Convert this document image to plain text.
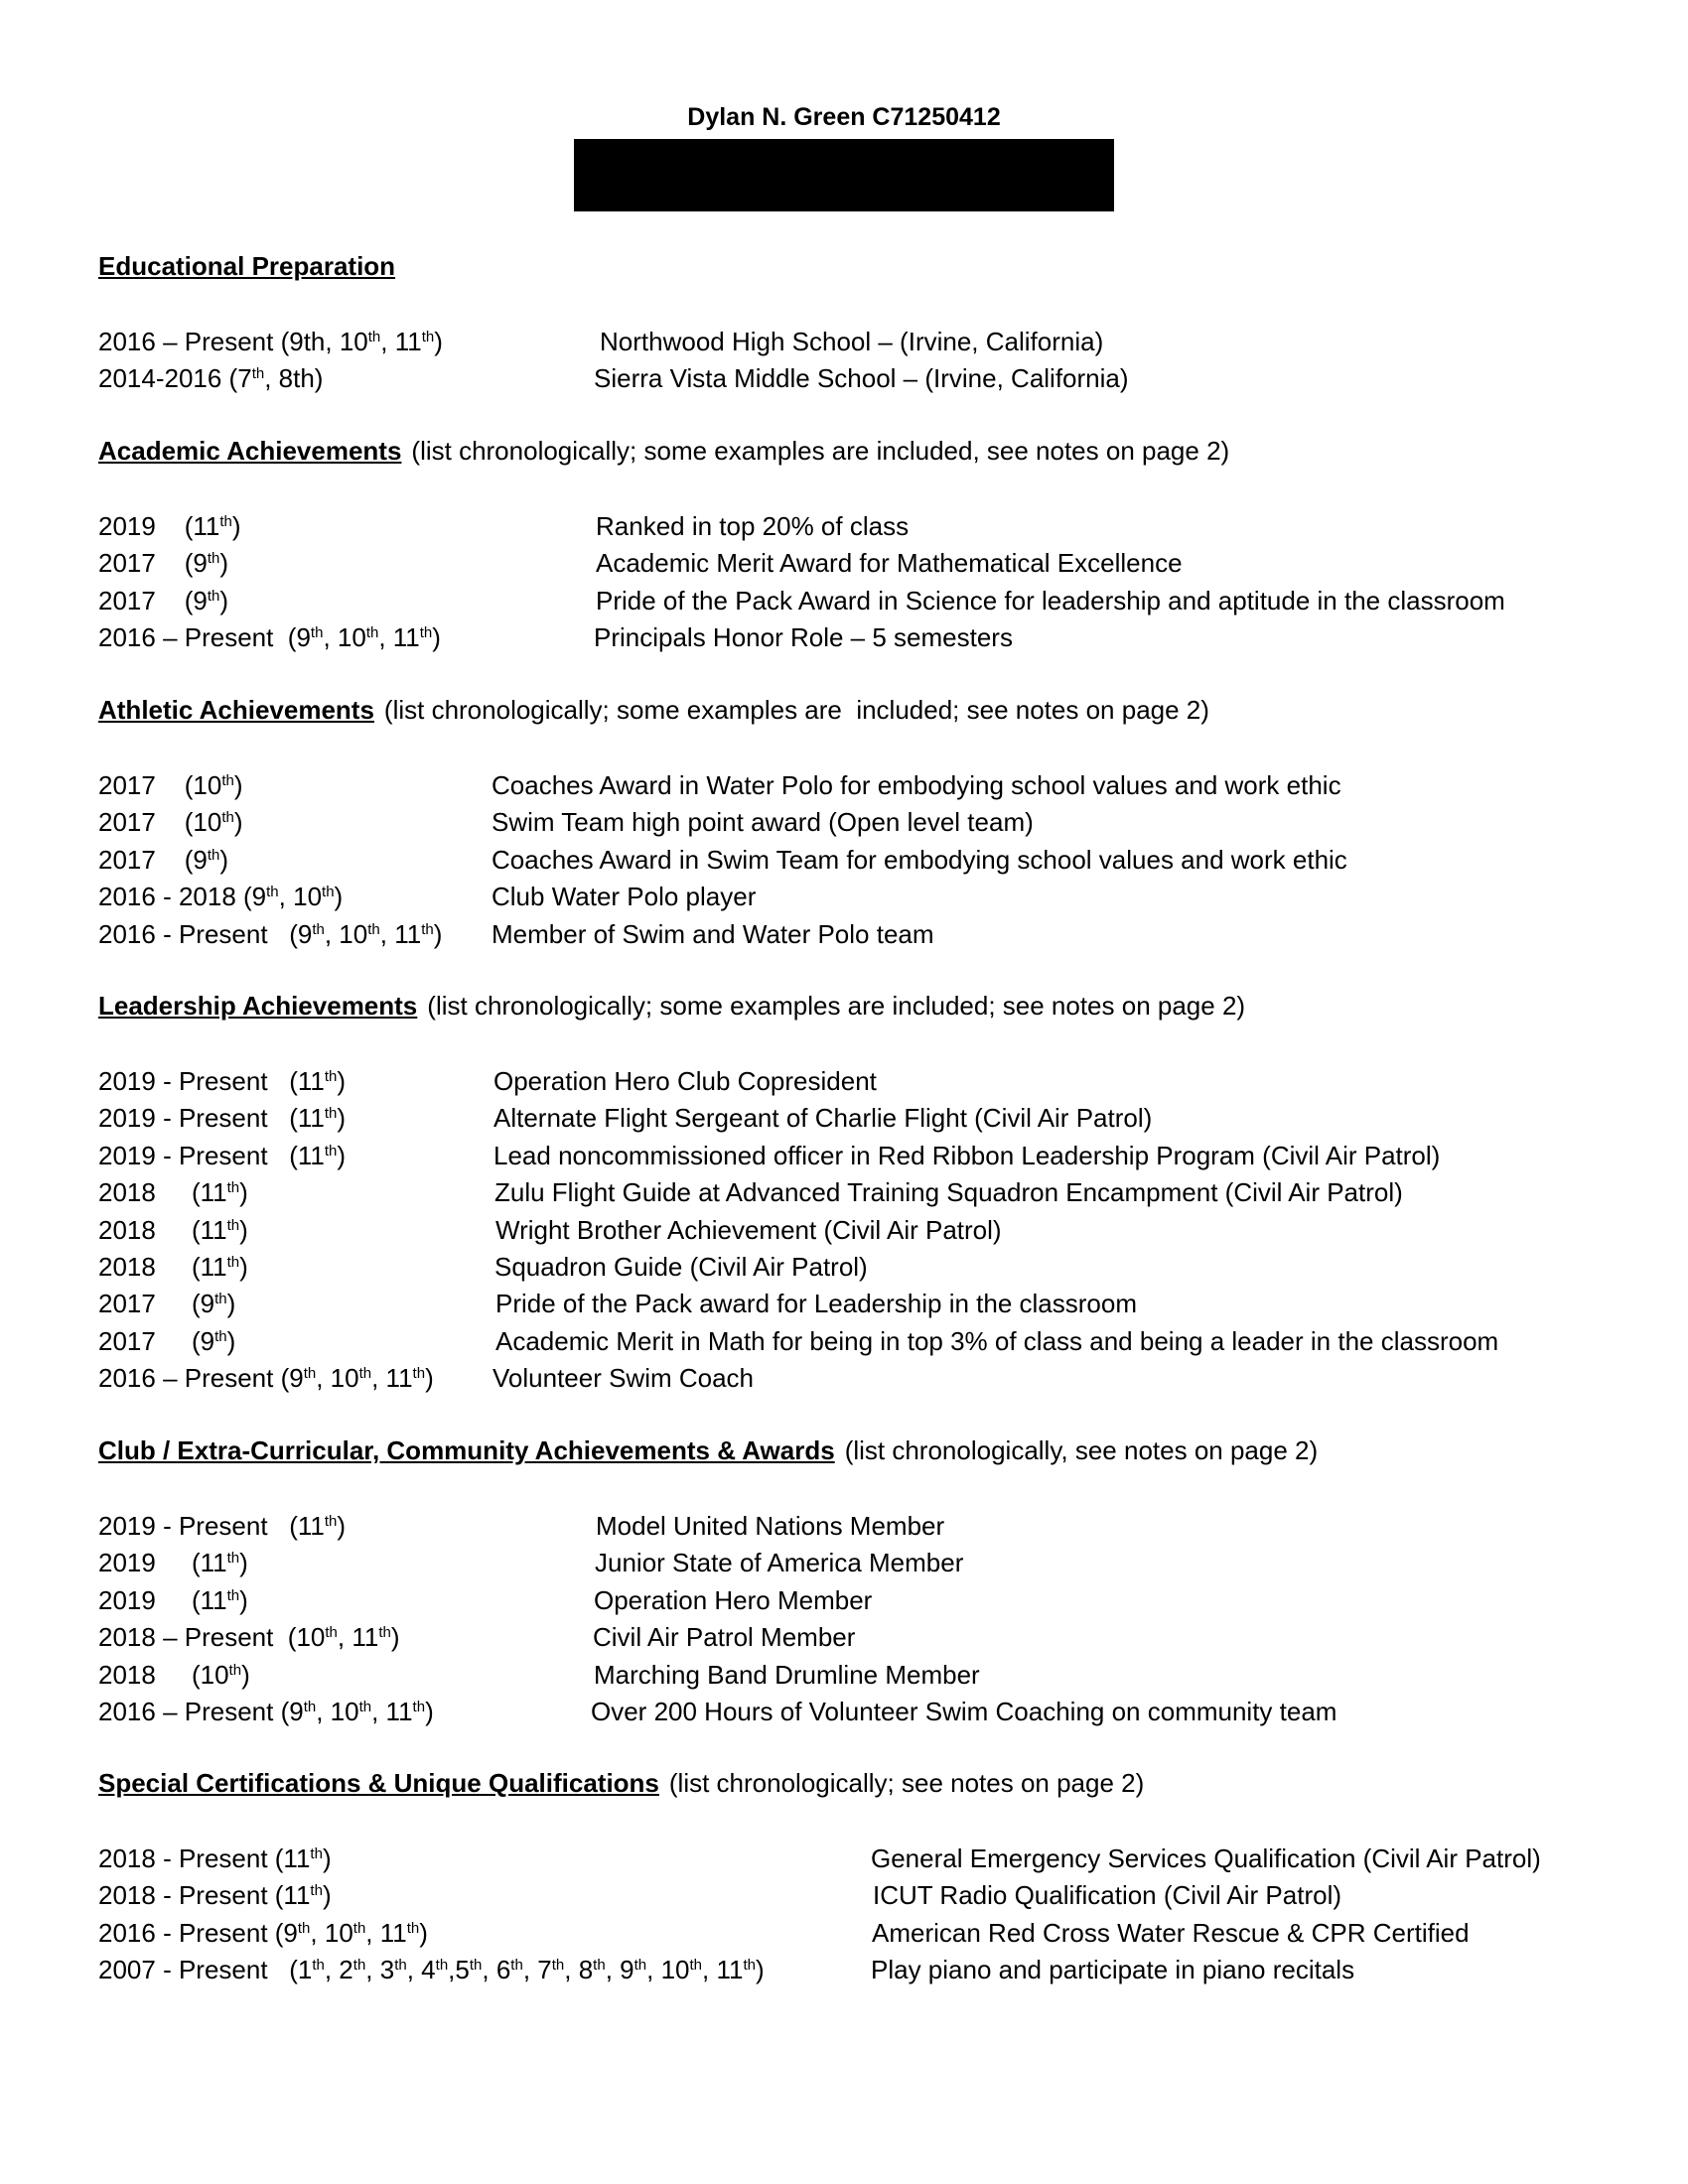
Dylan N. Green C71250412
Educational Preparation
2016 – Present (9th, 10th, 11th)	Northwood High School – (Irvine, California)
2014-2016 (7th, 8th)	Sierra Vista Middle School – (Irvine, California)
Academic Achievements (list chronologically; some examples are included, see notes on page 2)
2019    (11th)	Ranked in top 20% of class
2017    (9th)	Academic Merit Award for Mathematical Excellence
2017    (9th)	Pride of the Pack Award in Science for leadership and aptitude in the classroom
2016 – Present  (9th, 10th, 11th)	Principals Honor Role – 5 semesters
Athletic Achievements (list chronologically; some examples are  included; see notes on page 2)
2017    (10th)	Coaches Award in Water Polo for embodying school values and work ethic
2017    (10th)	Swim Team high point award (Open level team)
2017    (9th)	Coaches Award in Swim Team for embodying school values and work ethic
2016 - 2018 (9th, 10th)	Club Water Polo player
2016 - Present   (9th, 10th, 11th)	Member of Swim and Water Polo team
Leadership Achievements (list chronologically; some examples are included; see notes on page 2)
2019 - Present   (11th)	Operation Hero Club Copresident
2019 - Present   (11th)	Alternate Flight Sergeant of Charlie Flight (Civil Air Patrol)
2019 - Present   (11th)	Lead noncommissioned officer in Red Ribbon Leadership Program (Civil Air Patrol)
2018     (11th)	Zulu Flight Guide at Advanced Training Squadron Encampment (Civil Air Patrol)
2018     (11th)	Wright Brother Achievement (Civil Air Patrol)
2018     (11th)	Squadron Guide (Civil Air Patrol)
2017     (9th)	Pride of the Pack award for Leadership in the classroom
2017     (9th)	Academic Merit in Math for being in top 3% of class and being a leader in the classroom
2016 – Present (9th, 10th, 11th)	Volunteer Swim Coach
Club / Extra-Curricular, Community Achievements & Awards (list chronologically, see notes on page 2)
2019 - Present   (11th)	Model United Nations Member
2019     (11th)	Junior State of America Member
2019     (11th)	Operation Hero Member
2018 – Present  (10th, 11th)	Civil Air Patrol Member
2018     (10th)	Marching Band Drumline Member
2016 – Present (9th, 10th, 11th)	Over 200 Hours of Volunteer Swim Coaching on community team
Special Certifications & Unique Qualifications (list chronologically; see notes on page 2)
2018 - Present (11th)	General Emergency Services Qualification (Civil Air Patrol)
2018 - Present (11th)	ICUT Radio Qualification (Civil Air Patrol)
2016 - Present (9th, 10th, 11th)	American Red Cross Water Rescue & CPR Certified
2007 - Present   (1th, 2th, 3th, 4th,5th, 6th, 7th, 8th, 9th, 10th, 11th)	Play piano and participate in piano recitals
